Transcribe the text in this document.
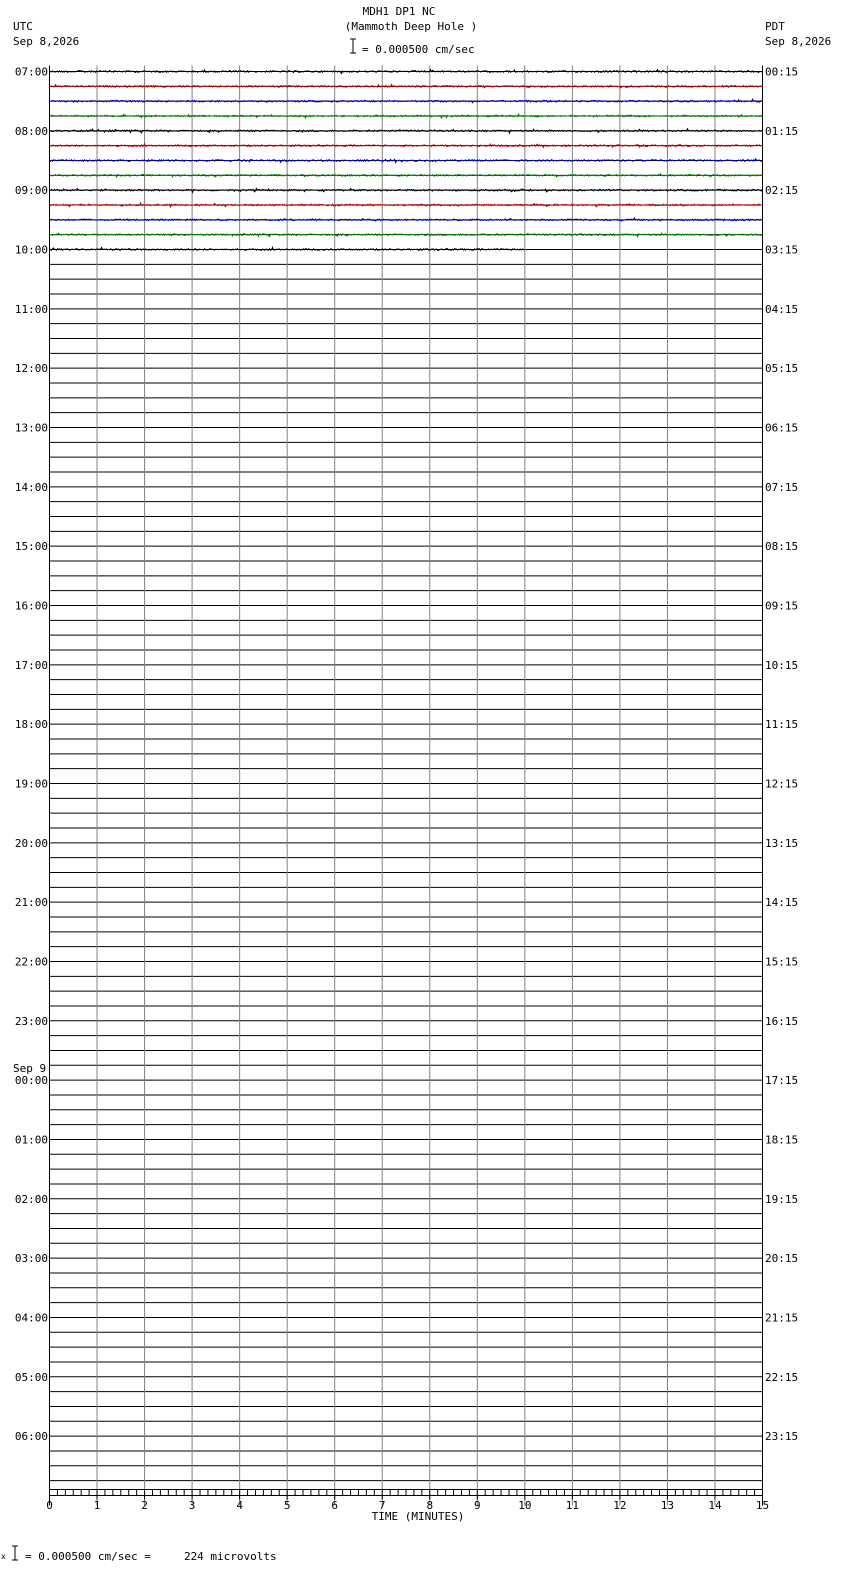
MDH1 DP1 NC
(Mammoth Deep Hole )
= 0.000500 cm/sec
UTC
Sep 8,2026
PDT
Sep 8,2026
Sep 9
TIME (MINUTES)
x = 0.000500 cm/sec =     224 microvolts
07:00
08:00
09:00
10:00
11:00
12:00
13:00
14:00
15:00
16:00
17:00
18:00
19:00
20:00
21:00
22:00
23:00
00:00
01:00
02:00
03:00
04:00
05:00
06:00
00:15
01:15
02:15
03:15
04:15
05:15
06:15
07:15
08:15
09:15
10:15
11:15
12:15
13:15
14:15
15:15
16:15
17:15
18:15
19:15
20:15
21:15
22:15
23:15
0	1	2	3	4	5	6	7	8	9	10	11	12	13	14	15
